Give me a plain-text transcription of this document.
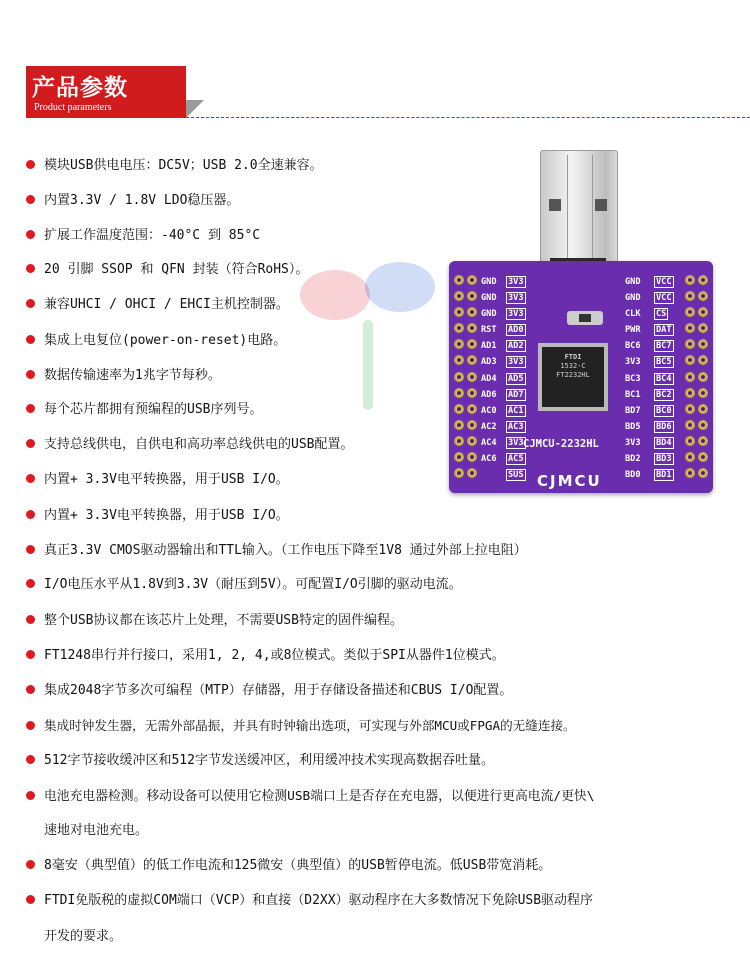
产品参数
Product parameters
GND
GND
GND
RST
AD1
AD3
AD4
AD6
AC0
AC2
AC4
AC6
3V3
3V3
3V3
AD0
AD2
3V3
AD5
AD7
AC1
AC3
3V3
AC5
SUS
GND
GND
CLK
PWR
BC6
3V3
BC3
BC1
BD7
BD5
3V3
BD2
BD0
VCC
VCC
CS
DAT
BC7
BC5
BC4
BC2
BC0
BD6
BD4
BD3
BD1
FTDI
1532-C
FT2232HL
CJMCU-2232HL
CJMCU
模块USB供电电压：DC5V；USB 2.0全速兼容。
内置3.3V / 1.8V LDO稳压器。
扩展工作温度范围：-40°C 到 85°C
20 引脚 SSOP 和 QFN 封装（符合RoHS）。
兼容UHCI / OHCI / EHCI主机控制器。
集成上电复位(power-on-reset)电路。
数据传输速率为1兆字节每秒。
每个芯片都拥有预编程的USB序列号。
支持总线供电，自供电和高功率总线供电的USB配置。
内置+ 3.3V电平转换器，用于USB I/O。
内置+ 3.3V电平转换器，用于USB I/O。
真正3.3V CMOS驱动器输出和TTL输入。（工作电压下降至1V8 通过外部上拉电阻）
I/O电压水平从1.8V到3.3V（耐压到5V）。可配置I/O引脚的驱动电流。
整个USB协议都在该芯片上处理，不需要USB特定的固件编程。
FT1248串行并行接口，采用1, 2, 4,或8位模式。类似于SPI从器件1位模式。
集成2048字节多次可编程（MTP）存储器，用于存储设备描述和CBUS I/O配置。
集成时钟发生器，无需外部晶振，并具有时钟输出选项，可实现与外部MCU或FPGA的无缝连接。
512字节接收缓冲区和512字节发送缓冲区，利用缓冲技术实现高数据吞吐量。
电池充电器检测。移动设备可以使用它检测USB端口上是否存在充电器，以便进行更高电流/更快\
速地对电池充电。
8毫安（典型值）的低工作电流和125微安（典型值）的USB暂停电流。低USB带宽消耗。
FTDI免版税的虚拟COM端口（VCP）和直接（D2XX）驱动程序在大多数情况下免除USB驱动程序
开发的要求。
